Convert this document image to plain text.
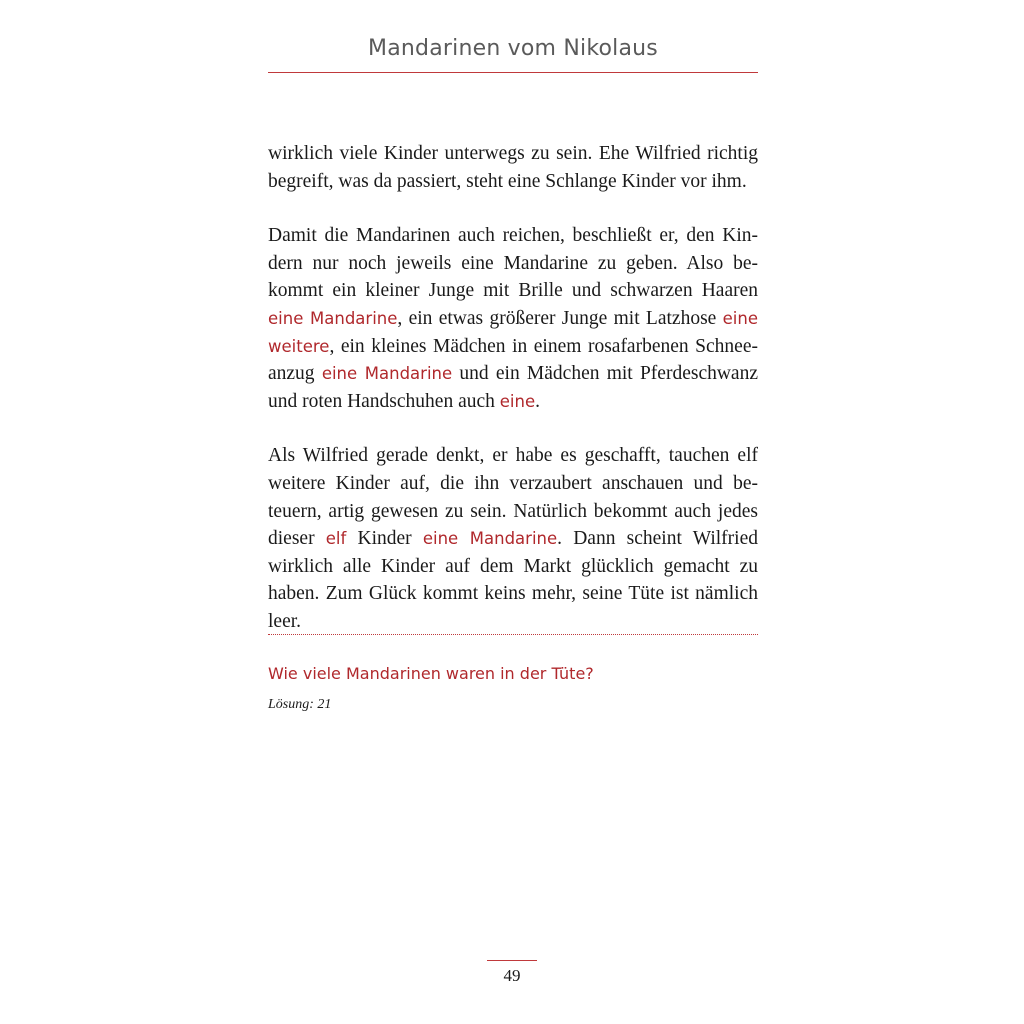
Mandarinen vom Nikolaus

wirklich viele Kinder unterwegs zu sein. Ehe Wilfried richtig begreift, was da passiert, steht eine Schlange Kinder vor ihm.

Damit die Mandarinen auch reichen, beschließt er, den Kindern nur noch jeweils eine Mandarine zu geben. Also bekommt ein kleiner Junge mit Brille und schwarzen Haaren eine Mandarine, ein etwas größerer Junge mit Latzhose eine weitere, ein kleines Mädchen in einem rosafarbenen Schneeanzug eine Mandarine und ein Mädchen mit Pferdeschwanz und roten Handschuhen auch eine.

Als Wilfried gerade denkt, er habe es geschafft, tauchen elf weitere Kinder auf, die ihn verzaubert anschauen und beteuern, artig gewesen zu sein. Natürlich bekommt auch jedes dieser elf Kinder eine Mandarine. Dann scheint Wilfried wirklich alle Kinder auf dem Markt glücklich gemacht zu haben. Zum Glück kommt keins mehr, seine Tüte ist nämlich leer.

Wie viele Mandarinen waren in der Tüte?
Lösung: 21
49
